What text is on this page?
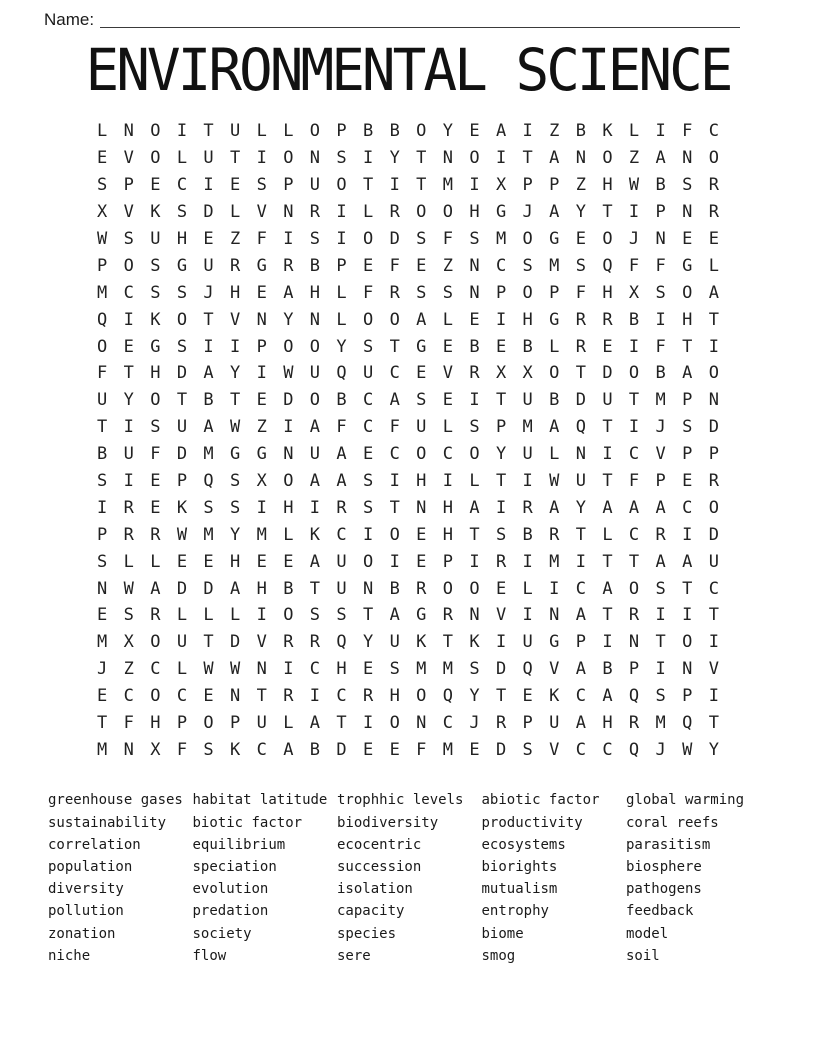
Name:
ENVIRONMENTAL SCIENCE
L N O I T U L L O P B B O Y E A I Z B K L I F C
E V O L U T I O N S I Y T N O I T A N O Z A N O
S P E C I E S P U O T I T M I X P P Z H W B S R
X V K S D L V N R I L R O O H G J A Y T I P N R
W S U H E Z F I S I O D S F S M O G E O J N E E
P O S G U R G R B P E F E Z N C S M S Q F F G L
M C S S J H E A H L F R S S N P O P F H X S O A
Q I K O T V N Y N L O O A L E I H G R R B I H T
O E G S I I P O O Y S T G E B E B L R E I F T I
F T H D A Y I W U Q U C E V R X X O T D O B A O
U Y O T B T E D O B C A S E I T U B D U T M P N
T I S U A W Z I A F C F U L S P M A Q T I J S D
B U F D M G G N U A E C O C O Y U L N I C V P P
S I E P Q S X O A A S I H I L T I W U T F P E R
I R E K S S I H I R S T N H A I R A Y A A A C O
P R R W M Y M L K C I O E H T S B R T L C R I D
S L L E E H E E A U O I E P I R I M I T T A A U
N W A D D A H B T U N B R O O E L I C A O S T C
E S R L L L I O S S T A G R N V I N A T R I I T
M X O U T D V R R Q Y U K T K I U G P I N T O I
J Z C L W W N I C H E S M M S D Q V A B P I N V
E C O C E N T R I C R H O Q Y T E K C A Q S P I
T F H P O P U L A T I O N C J R P U A H R M Q T
M N X F S K C A B D E E F M E D S V C C Q J W Y
greenhouse gases
sustainability
correlation
population
diversity
pollution
zonation
niche
habitat latitude
biotic factor
equilibrium
speciation
evolution
predation
society
flow
trophhic levels
biodiversity
ecocentric
succession
isolation
capacity
species
sere
abiotic factor
productivity
ecosystems
biorights
mutualism
entrophy
biome
smog
global warming
coral reefs
parasitism
biosphere
pathogens
feedback
model
soil
